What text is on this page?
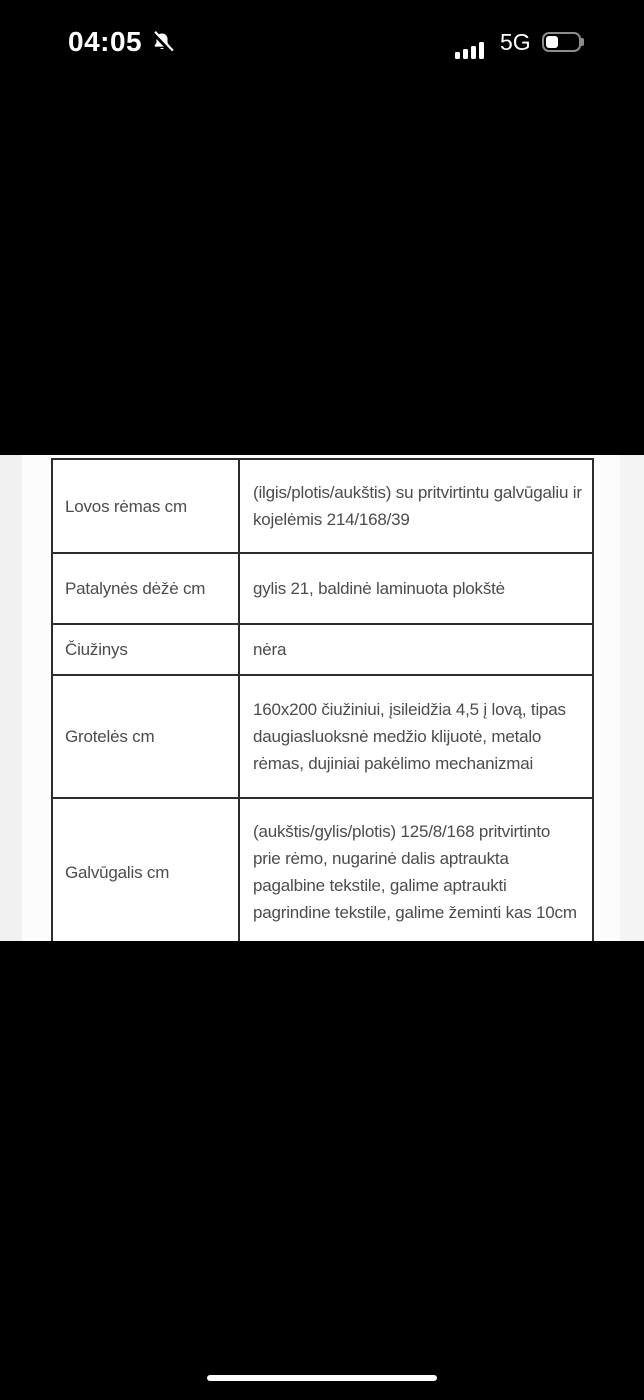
04:05	5G
Lovos rėmas cm	(ilgis/plotis/aukštis) su pritvirtintu galvūgaliu ir kojelėmis 214/168/39
Patalynės dėžė cm	gylis 21, baldinė laminuota plokštė
Čiužinys	nėra
Grotelės cm	160x200 čiužiniui, įsileidžia 4,5 į lovą, tipas daugiasluoksnė medžio klijuotė, metalo rėmas, dujiniai pakėlimo mechanizmai
Galvūgalis cm	(aukštis/gylis/plotis) 125/8/168 pritvirtinto prie rėmo, nugarinė dalis aptraukta pagalbine tekstile, galime aptraukti pagrindine tekstile, galime žeminti kas 10cm
